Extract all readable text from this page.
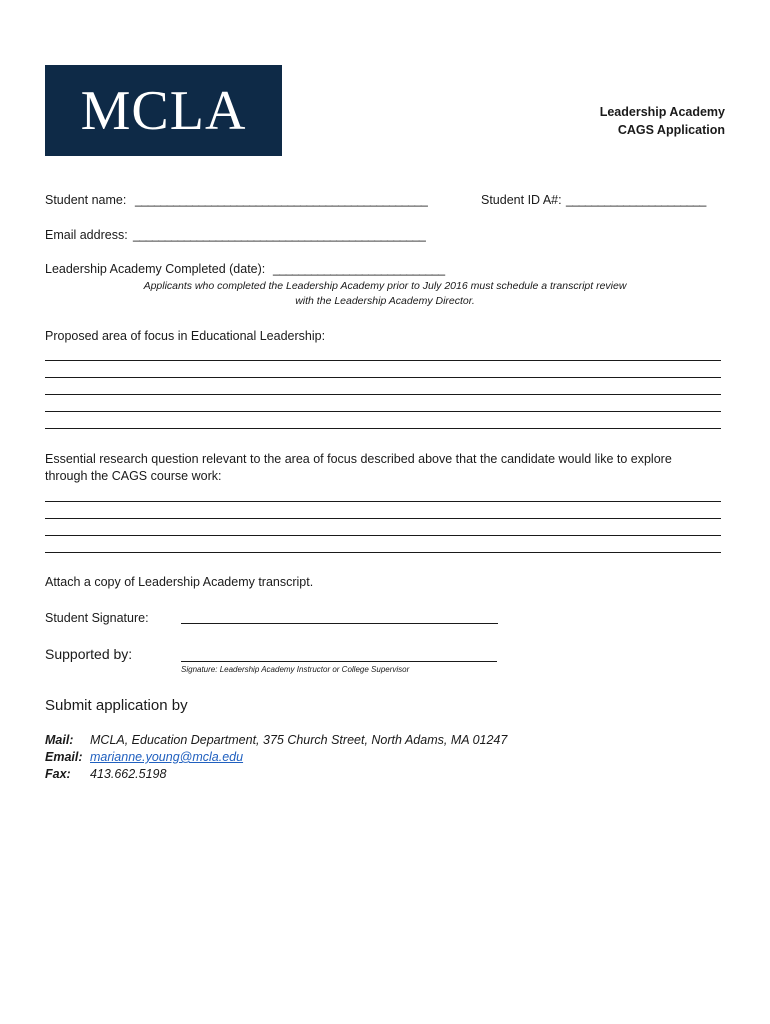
MCLA	Leadership Academy
CAGS Application
Student name: ______________________________________________	Student ID A#: ______________________
Email address: ______________________________________________
Leadership Academy Completed (date): ___________________________
Applicants who completed the Leadership Academy prior to July 2016 must schedule a transcript review
with the Leadership Academy Director.
Proposed area of focus in Educational Leadership:
Essential research question relevant to the area of focus described above that the candidate would like to explore
through the CAGS course work:
Attach a copy of Leadership Academy transcript.
Student Signature:
Supported by:
Signature: Leadership Academy Instructor or College Supervisor
Submit application by
Mail: MCLA, Education Department, 375 Church Street, North Adams, MA 01247
Email: marianne.young@mcla.edu
Fax: 413.662.5198
